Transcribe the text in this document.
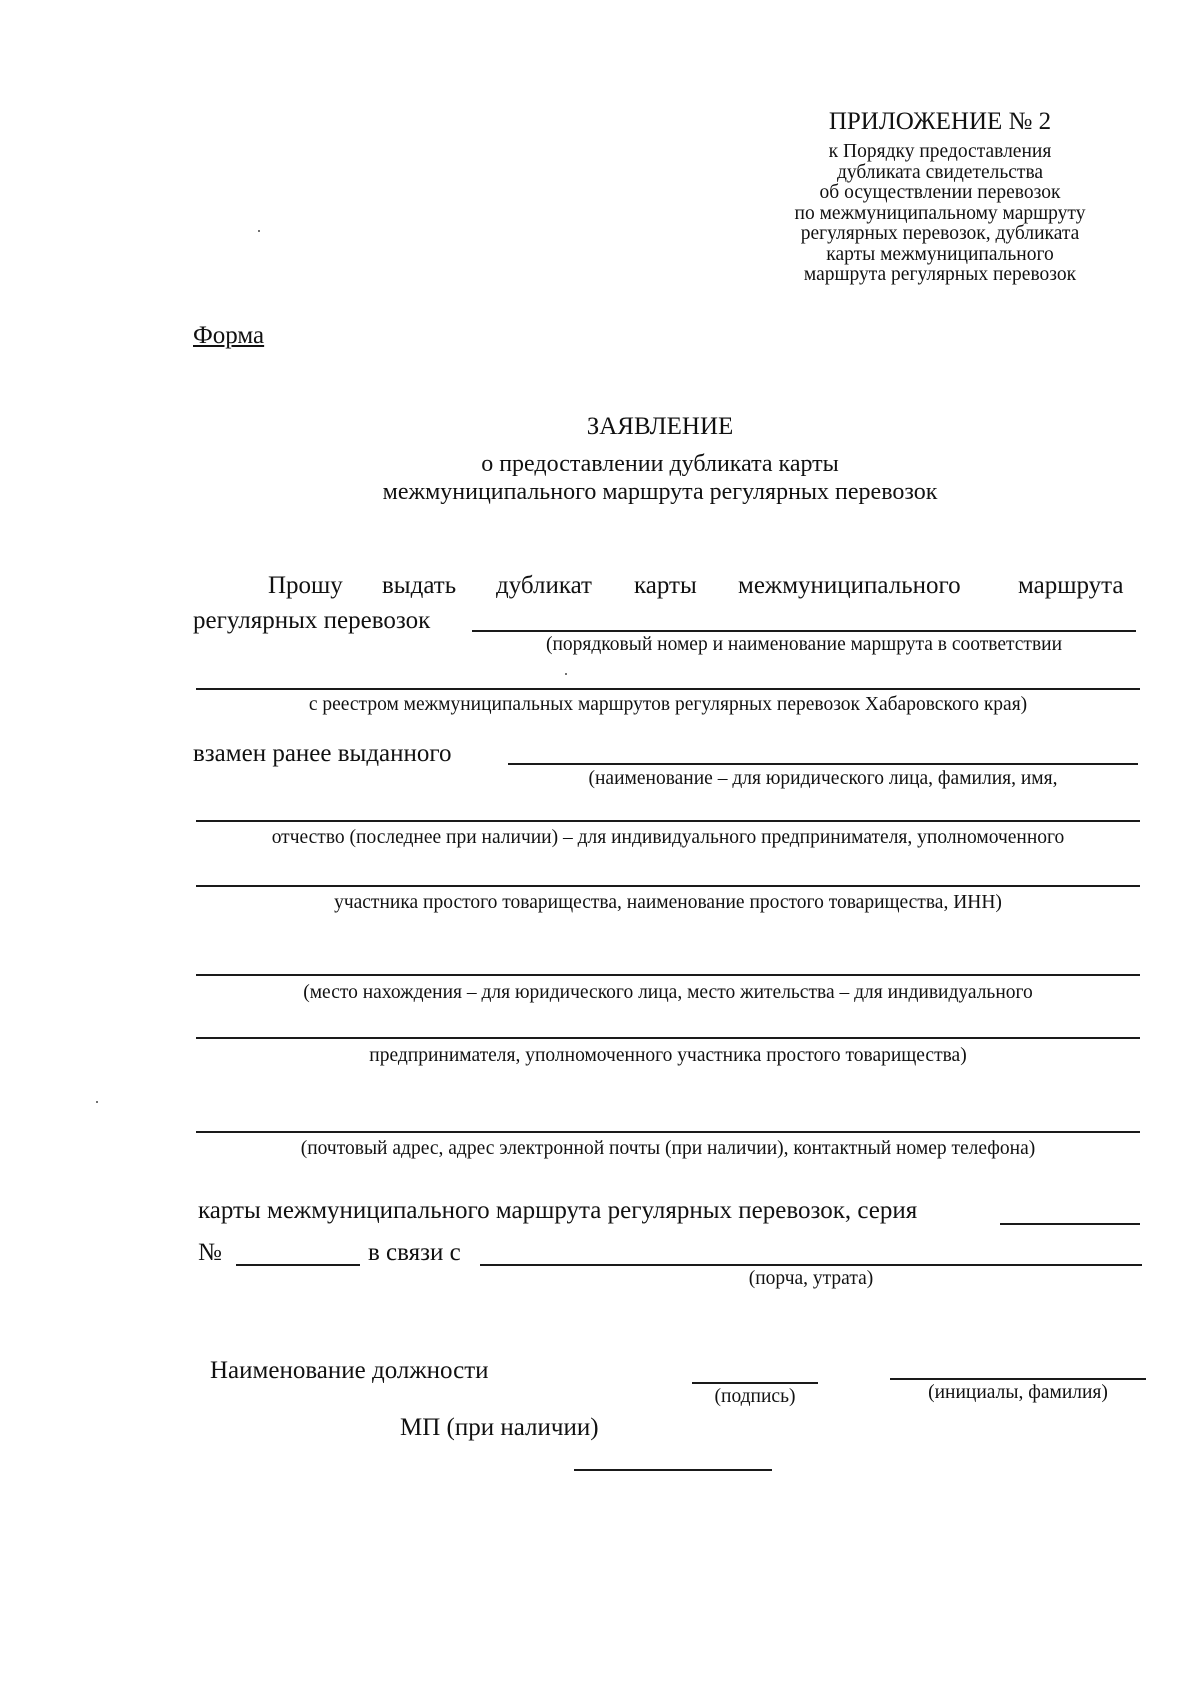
ПРИЛОЖЕНИЕ № 2
к Порядку предоставления
дубликата свидетельства
об осуществлении перевозок
по межмуниципальному маршруту
регулярных перевозок, дубликата
карты межмуниципального
маршрута регулярных перевозок
Форма
ЗАЯВЛЕНИЕ
о предоставлении дубликата карты
межмуниципального маршрута регулярных перевозок
Прошу выдать дубликат карты межмуниципального маршрута
регулярных перевозок
(порядковый номер и наименование маршрута в соответствии
с реестром межмуниципальных маршрутов регулярных перевозок Хабаровского края)
взамен ранее выданного
(наименование – для юридического лица, фамилия, имя,
отчество (последнее при наличии) – для индивидуального предпринимателя, уполномоченного
участника простого товарищества, наименование простого товарищества, ИНН)
(место нахождения – для юридического лица, место жительства – для индивидуального
предпринимателя, уполномоченного участника простого товарищества)
(почтовый адрес, адрес электронной почты (при наличии), контактный номер телефона)
карты межмуниципального маршрута регулярных перевозок, серия
№	в связи с
(порча, утрата)
Наименование должности
(подпись)	(инициалы, фамилия)
МП (при наличии)
